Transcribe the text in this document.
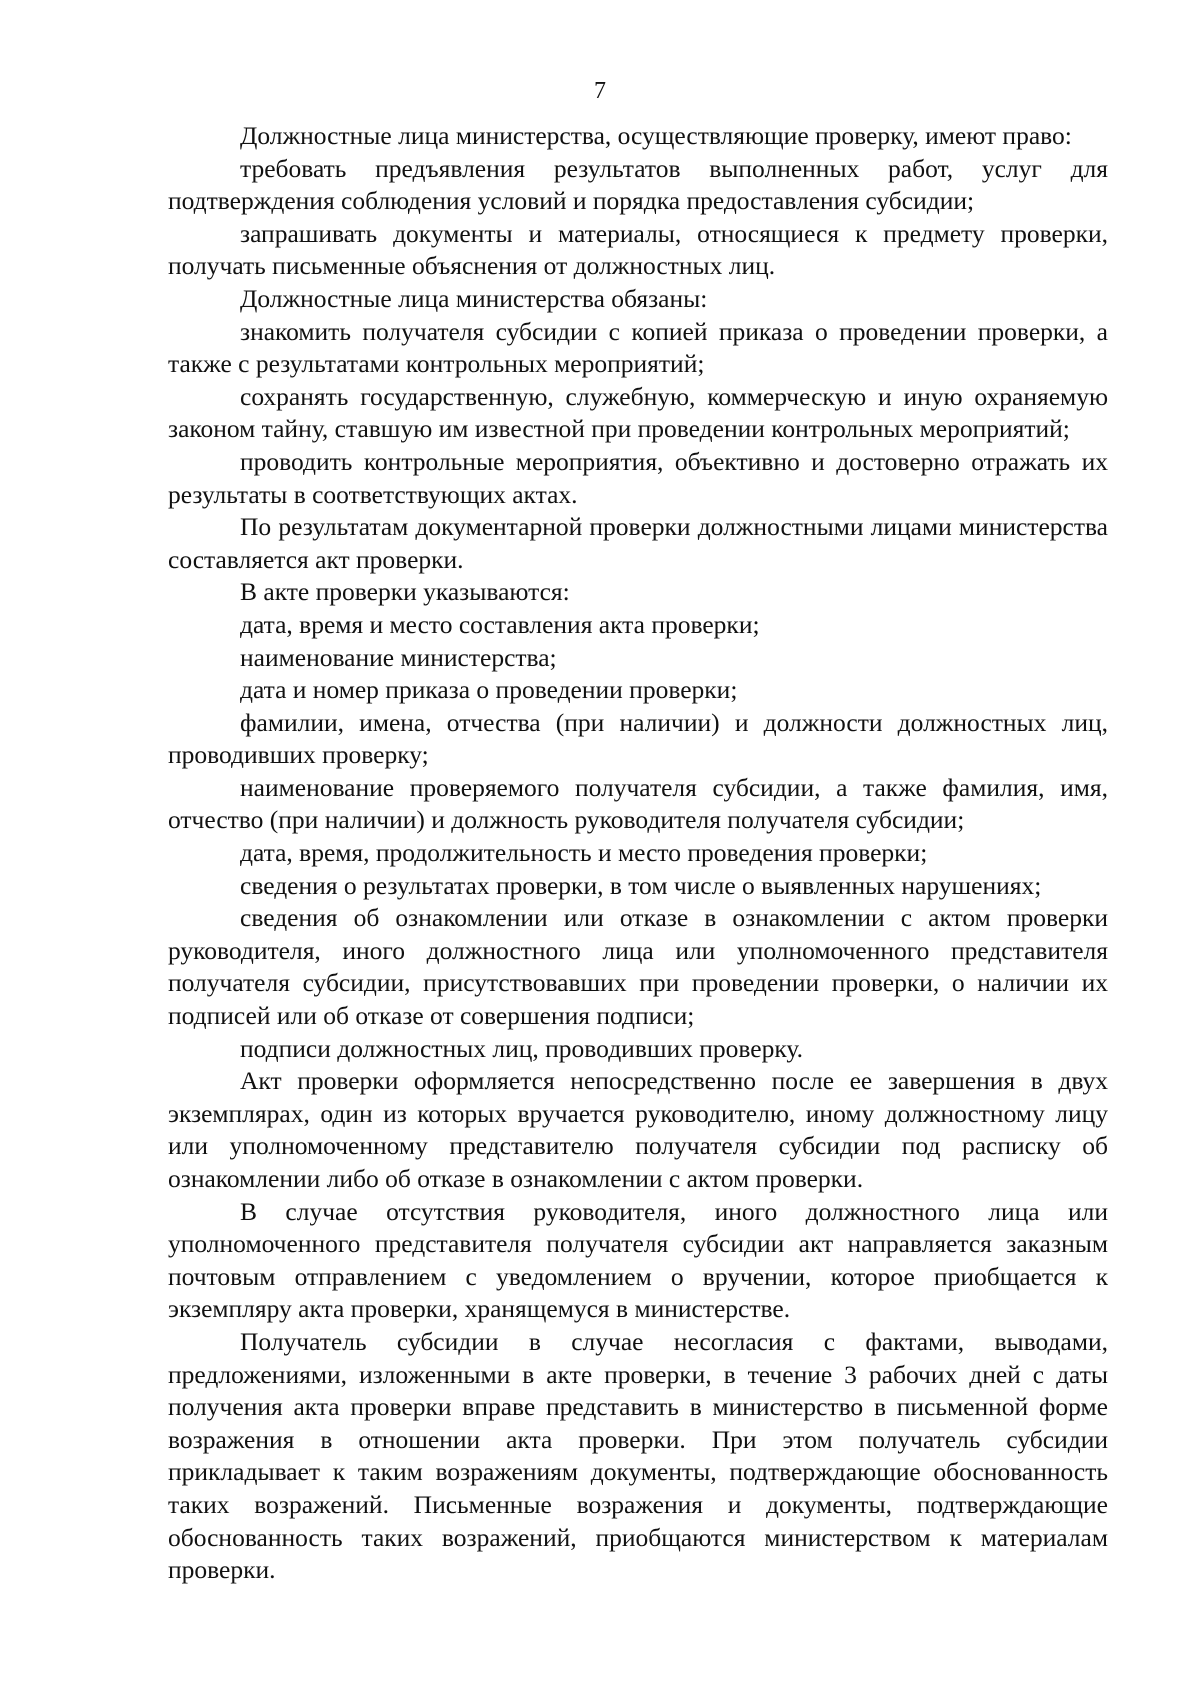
7

Должностные лица министерства, осуществляющие проверку, имеют право:

требовать предъявления результатов выполненных работ, услуг для подтверждения соблюдения условий и порядка предоставления субсидии;

запрашивать документы и материалы, относящиеся к предмету проверки, получать письменные объяснения от должностных лиц.

Должностные лица министерства обязаны:

знакомить получателя субсидии с копией приказа о проведении проверки, а также с результатами контрольных мероприятий;

сохранять государственную, служебную, коммерческую и иную охраняемую законом тайну, ставшую им известной при проведении контрольных мероприятий;

проводить контрольные мероприятия, объективно и достоверно отражать их результаты в соответствующих актах.

По результатам документарной проверки должностными лицами министерства составляется акт проверки.

В акте проверки указываются:

дата, время и место составления акта проверки;

наименование министерства;

дата и номер приказа о проведении проверки;

фамилии, имена, отчества (при наличии) и должности должностных лиц, проводивших проверку;

наименование проверяемого получателя субсидии, а также фамилия, имя, отчество (при наличии) и должность руководителя получателя субсидии;

дата, время, продолжительность и место проведения проверки;

сведения о результатах проверки, в том числе о выявленных нарушениях;

сведения об ознакомлении или отказе в ознакомлении с актом проверки руководителя, иного должностного лица или уполномоченного представителя получателя субсидии, присутствовавших при проведении проверки, о наличии их подписей или об отказе от совершения подписи;

подписи должностных лиц, проводивших проверку.

Акт проверки оформляется непосредственно после ее завершения в двух экземплярах, один из которых вручается руководителю, иному должностному лицу или уполномоченному представителю получателя субсидии под расписку об ознакомлении либо об отказе в ознакомлении с актом проверки.

В случае отсутствия руководителя, иного должностного лица или уполномоченного представителя получателя субсидии акт направляется заказным почтовым отправлением с уведомлением о вручении, которое приобщается к экземпляру акта проверки, хранящемуся в министерстве.

Получатель субсидии в случае несогласия с фактами, выводами, предложениями, изложенными в акте проверки, в течение 3 рабочих дней с даты получения акта проверки вправе представить в министерство в письменной форме возражения в отношении акта проверки. При этом получатель субсидии прикладывает к таким возражениям документы, подтверждающие обоснованность таких возражений. Письменные возражения и документы, подтверждающие обоснованность таких возражений, приобщаются министерством к материалам проверки.
